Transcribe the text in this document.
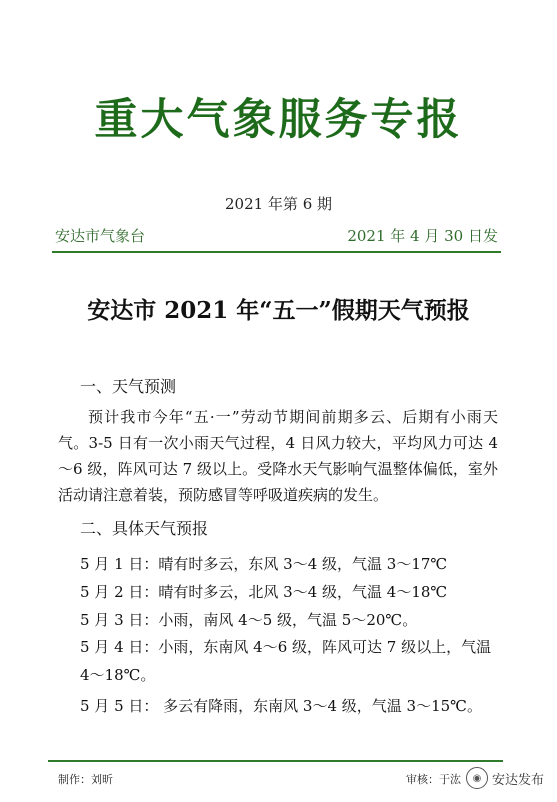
重大气象服务专报
2021 年第 6 期
安达市气象台	2021 年 4 月 30 日发
安达市 2021 年“五一”假期天气预报
一、天气预测
预计我市今年“五·一”劳动节期间前期多云、后期有小雨天气。3-5 日有一次小雨天气过程，4 日风力较大，平均风力可达 4～6 级，阵风可达 7 级以上。受降水天气影响气温整体偏低，室外活动请注意着装，预防感冒等呼吸道疾病的发生。
二、具体天气预报
5 月 1 日：晴有时多云，东风 3～4 级，气温 3～17℃
5 月 2 日：晴有时多云，北风 3～4 级，气温 4～18℃
5 月 3 日：小雨，南风 4～5 级，气温 5～20℃。
5 月 4 日：小雨，东南风 4～6 级，阵风可达 7 级以上，气温 4～18℃。
5 月 5 日： 多云有降雨，东南风 3～4 级，气温 3～15℃。
制作：刘昕	审核：于汯	◉ 安达发布
